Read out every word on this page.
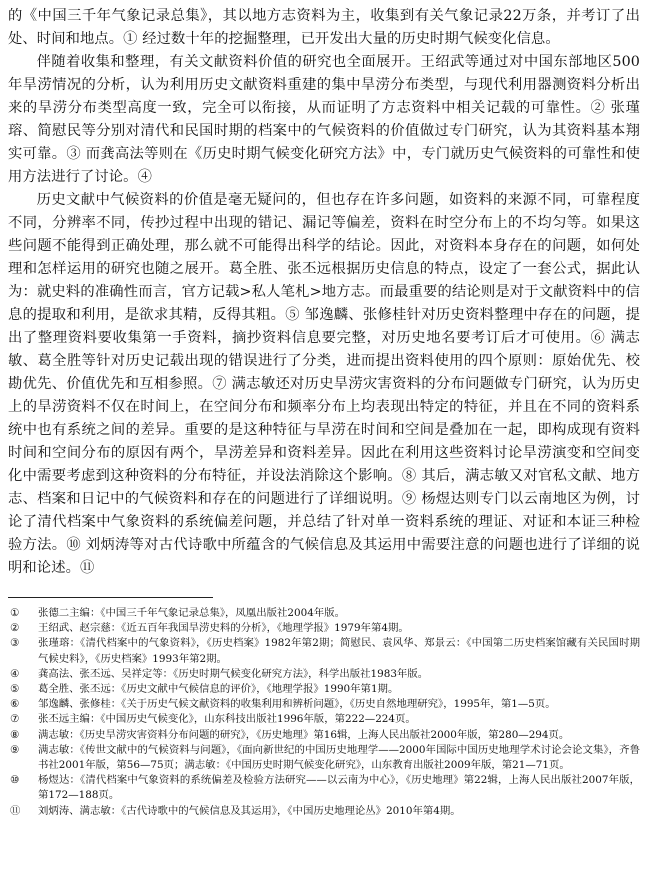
的《中国三千年气象记录总集》，其以地方志资料为主，收集到有关气象记录22万条，并考订了出处、时间和地点。① 经过数十年的挖掘整理，已开发出大量的历史时期气候变化信息。

伴随着收集和整理，有关文献资料价值的研究也全面展开。王绍武等通过对中国东部地区500年旱涝情况的分析，认为利用历史文献资料重建的集中旱涝分布类型，与现代利用器测资料分析出来的旱涝分布类型高度一致，完全可以衔接，从而证明了方志资料中相关记载的可靠性。② 张瑾瑢、简慰民等分别对清代和民国时期的档案中的气候资料的价值做过专门研究，认为其资料基本翔实可靠。③ 而龚高法等则在《历史时期气候变化研究方法》中，专门就历史气候资料的可靠性和使用方法进行了讨论。④

历史文献中气候资料的价值是毫无疑问的，但也存在许多问题，如资料的来源不同，可靠程度不同，分辨率不同，传抄过程中出现的错记、漏记等偏差，资料在时空分布上的不均匀等。如果这些问题不能得到正确处理，那么就不可能得出科学的结论。因此，对资料本身存在的问题，如何处理和怎样运用的研究也随之展开。葛全胜、张丕远根据历史信息的特点，设定了一套公式，据此认为：就史料的准确性而言，官方记载>私人笔札>地方志。而最重要的结论则是对于文献资料中的信息的提取和利用，是欲求其精，反得其粗。⑤ 邹逸麟、张修桂针对历史资料整理中存在的问题，提出了整理资料要收集第一手资料，摘抄资料信息要完整，对历史地名要考订后才可使用。⑥ 满志敏、葛全胜等针对历史记载出现的错误进行了分类，进而提出资料使用的四个原则：原始优先、校勘优先、价值优先和互相参照。⑦ 满志敏还对历史旱涝灾害资料的分布问题做专门研究，认为历史上的旱涝资料不仅在时间上，在空间分布和频率分布上均表现出特定的特征，并且在不同的资料系统中也有系统之间的差异。重要的是这种特征与旱涝在时间和空间是叠加在一起，即构成现有资料时间和空间分布的原因有两个，旱涝差异和资料差异。因此在利用这些资料讨论旱涝演变和空间变化中需要考虑到这种资料的分布特征，并设法消除这个影响。⑧ 其后，满志敏又对官私文献、地方志、档案和日记中的气候资料和存在的问题进行了详细说明。⑨ 杨煜达则专门以云南地区为例，讨论了清代档案中气象资料的系统偏差问题，并总结了针对单一资料系统的理证、对证和本证三种检验方法。⑩ 刘炳涛等对古代诗歌中所蕴含的气候信息及其运用中需要注意的问题也进行了详细的说明和论述。⑪

①	张德二主编：《中国三千年气象记录总集》，凤凰出版社2004年版。
②	王绍武、赵宗慈：《近五百年我国旱涝史料的分析》，《地理学报》1979年第4期。
③	张瑾瑢：《清代档案中的气象资料》，《历史档案》1982年第2期；简慰民、袁风华、郑景云：《中国第二历史档案馆藏有关民国时期气候史料》，《历史档案》1993年第2期。
④	龚高法、张丕远、吴祥定等：《历史时期气候变化研究方法》，科学出版社1983年版。
⑤	葛全胜、张丕远：《历史文献中气候信息的评价》，《地理学报》1990年第1期。
⑥	邹逸麟、张修桂：《关于历史气候文献资料的收集利用和辨析问题》，《历史自然地理研究》，1995年，第1—5页。
⑦	张丕远主编：《中国历史气候变化》，山东科技出版社1996年版，第222—224页。
⑧	满志敏：《历史旱涝灾害资料分布问题的研究》，《历史地理》第16辑，上海人民出版社2000年版，第280—294页。
⑨	满志敏：《传世文献中的气候资料与问题》，《面向新世纪的中国历史地理学——2000年国际中国历史地理学术讨论会论文集》，齐鲁书社2001年版，第56—75页；满志敏：《中国历史时期气候变化研究》，山东教育出版社2009年版，第21—71页。
⑩	杨煜达：《清代档案中气象资料的系统偏差及检验方法研究——以云南为中心》，《历史地理》第22辑，上海人民出版社2007年版，第172—188页。
⑪	刘炳涛、满志敏：《古代诗歌中的气候信息及其运用》，《中国历史地理论丛》2010年第4期。
